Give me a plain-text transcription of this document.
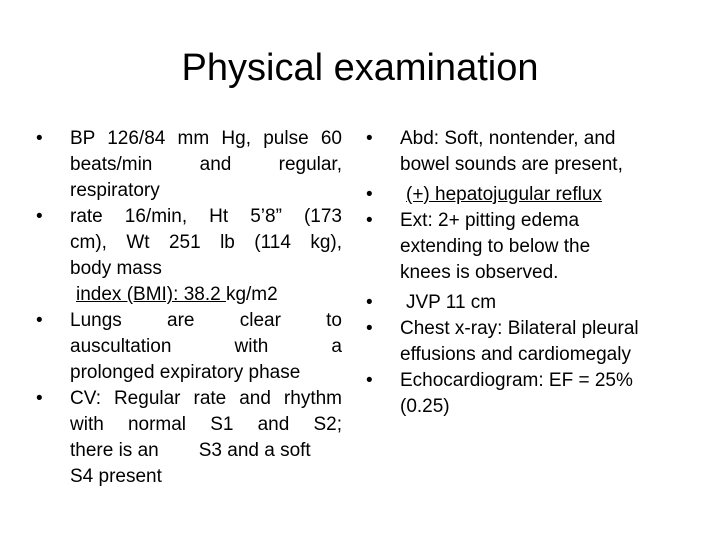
Physical examination
•	BP 126/84 mm Hg, pulse 60
beats/min and regular,
respiratory
•	rate 16/min, Ht 5’8” (173
cm), Wt 251 lb (114 kg),
body mass
index (BMI): 38.2 kg/m2
•	Lungs are clear to
auscultation with a
prolonged expiratory phase
•	CV: Regular rate and rhythm
with normal S1 and S2;
there is an S3 and a soft
S4 present
•	Abd: Soft, nontender, and
bowel sounds are present,
•	(+) hepatojugular reflux
•	Ext: 2+ pitting edema
extending to below the
knees is observed.
•	JVP 11 cm
•	Chest x-ray: Bilateral pleural
effusions and cardiomegaly
•	Echocardiogram: EF = 25%
(0.25)
